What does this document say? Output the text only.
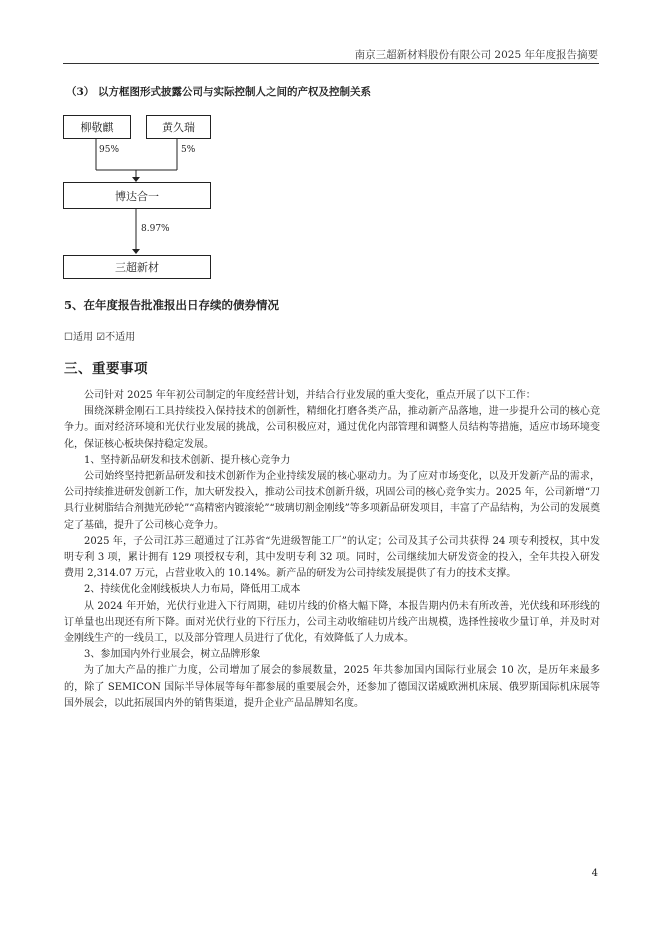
南京三超新材料股份有限公司 2025 年年度报告摘要
（3） 以方框图形式披露公司与实际控制人之间的产权及控制关系
柳敬麒	黄久瑞
95%	5%
博达合一
8.97%
三超新材
5、在年度报告批准报出日存续的债券情况
☐适用 ☑不适用
三、重要事项

公司针对 2025 年年初公司制定的年度经营计划，并结合行业发展的重大变化，重点开展了以下工作：

围绕深耕金刚石工具持续投入保持技术的创新性，精细化打磨各类产品，推动新产品落地，进一步提升公司的核心竞争力。面对经济环境和光伏行业发展的挑战，公司积极应对，通过优化内部管理和调整人员结构等措施，适应市场环境变化，保证核心板块保持稳定发展。

1、坚持新品研发和技术创新、提升核心竞争力

公司始终坚持把新品研发和技术创新作为企业持续发展的核心驱动力。为了应对市场变化，以及开发新产品的需求，公司持续推进研发创新工作，加大研发投入，推动公司技术创新升级，巩固公司的核心竞争实力。2025 年，公司新增“刀具行业树脂结合剂抛光砂轮”“高精密内镀滚轮”“玻璃切割金刚线”等多项新品研发项目，丰富了产品结构，为公司的发展奠定了基础，提升了公司核心竞争力。

2025 年，子公司江苏三超通过了江苏省“先进级智能工厂”的认定；公司及其子公司共获得 24 项专利授权，其中发明专利 3 项，累计拥有 129 项授权专利，其中发明专利 32 项。同时，公司继续加大研发资金的投入，全年共投入研发费用 2,314.07 万元，占营业收入的 10.14%。新产品的研发为公司持续发展提供了有力的技术支撑。

2、持续优化金刚线板块人力布局，降低用工成本

从 2024 年开始，光伏行业进入下行周期，硅切片线的价格大幅下降，本报告期内仍未有所改善，光伏线和环形线的订单量也出现还有所下降。面对光伏行业的下行压力，公司主动收缩硅切片线产出规模，选择性接收少量订单，并及时对金刚线生产的一线员工，以及部分管理人员进行了优化，有效降低了人力成本。

3、参加国内外行业展会，树立品牌形象

为了加大产品的推广力度，公司增加了展会的参展数量，2025 年共参加国内国际行业展会 10 次，是历年来最多的，除了 SEMICON 国际半导体展等每年都参展的重要展会外，还参加了德国汉诺威欧洲机床展、俄罗斯国际机床展等国外展会，以此拓展国内外的销售渠道，提升企业产品品牌知名度。

4
